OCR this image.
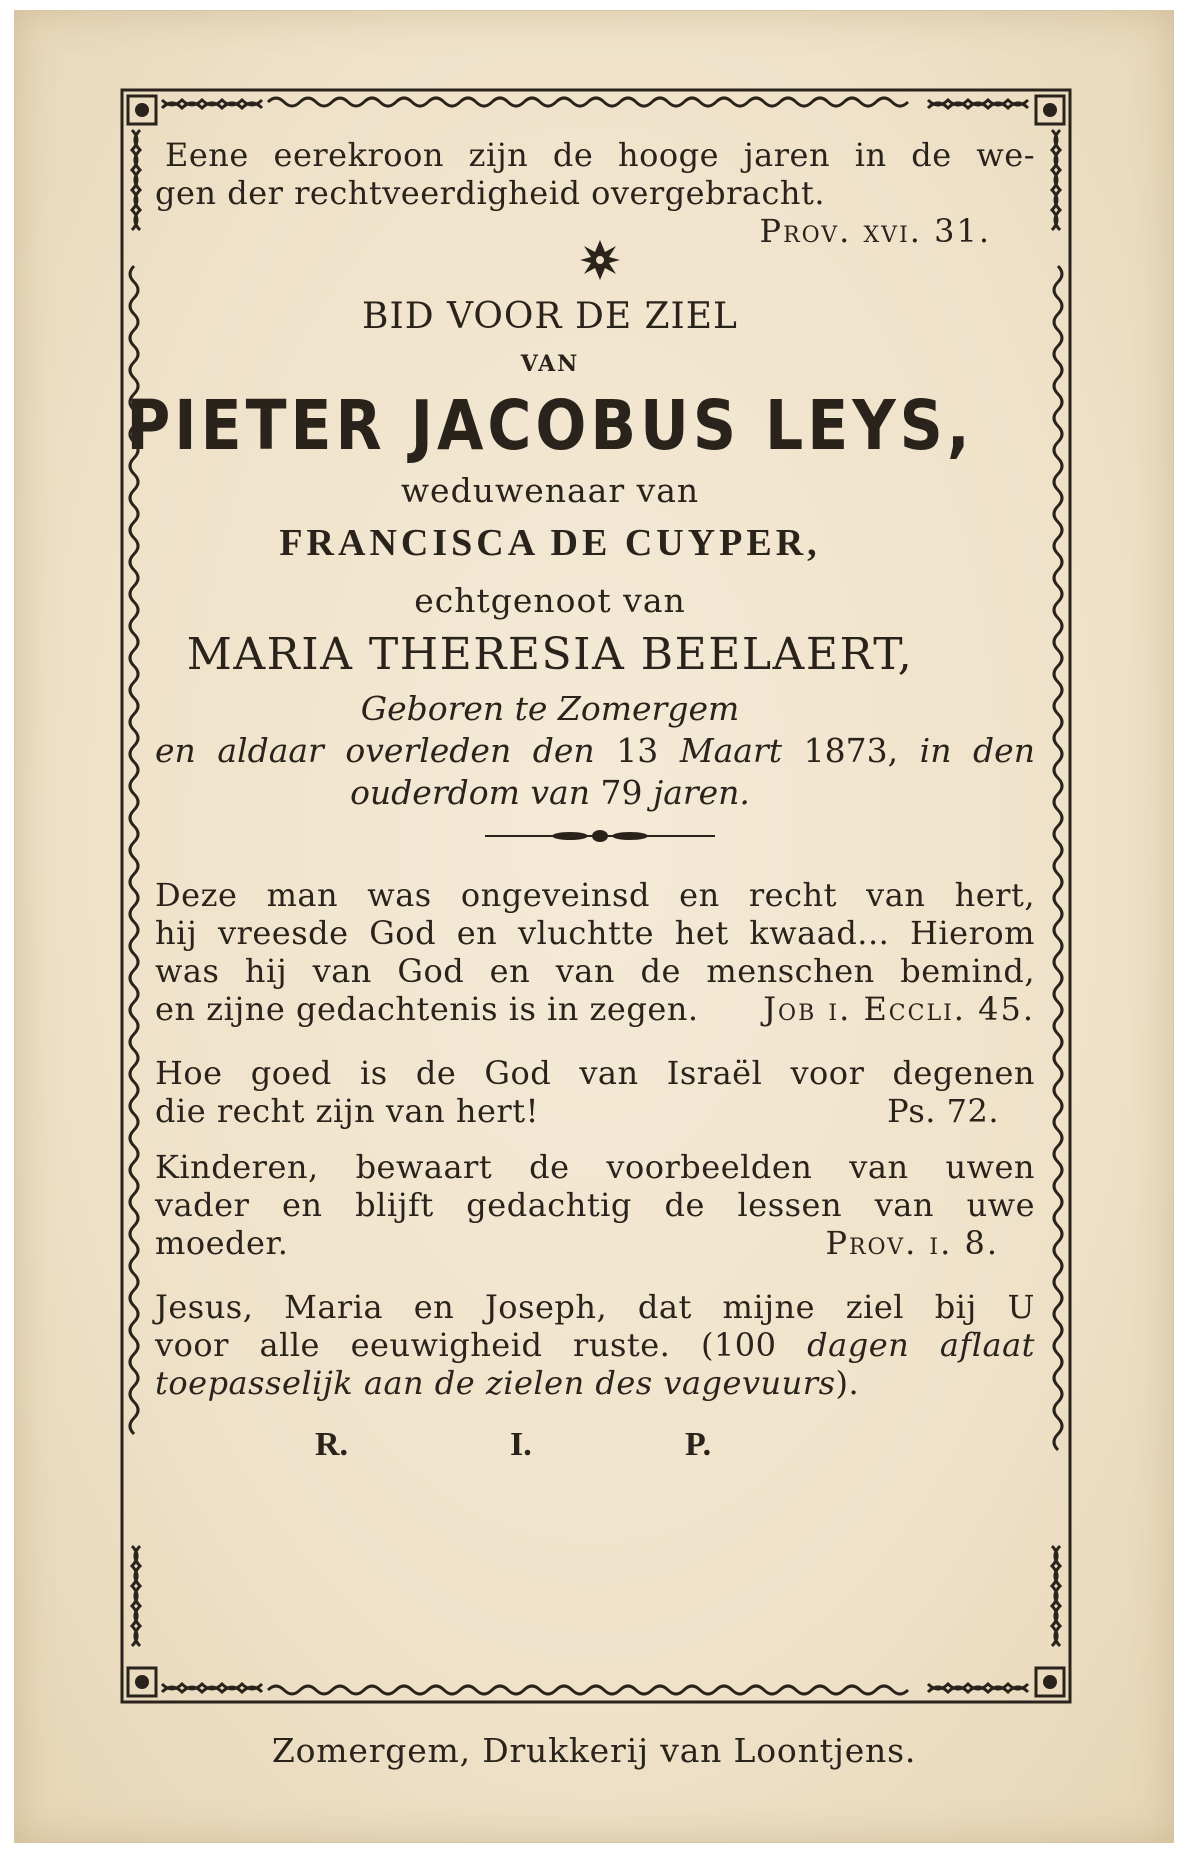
Eene eerekroon zijn de hooge jaren in de we-
gen der rechtveerdigheid overgebracht.
Prov. xvi. 31.
BID VOOR DE ZIEL
VAN
PIETER JACOBUS LEYS,
weduwenaar van
FRANCISCA DE CUYPER,
echtgenoot van
MARIA THERESIA BEELAERT,
Geboren te Zomergem
en aldaar overleden den 13 Maart 1873, in den
ouderdom van 79 jaren.
Deze man was ongeveinsd en recht van hert,
hij vreesde God en vluchtte het kwaad... Hierom
was hij van God en van de menschen bemind,
en zijne gedachtenis is in zegen. Job i. Eccli. 45.
Hoe goed is de God van Israël voor degenen
die recht zijn van hert!	Ps. 72.
Kinderen, bewaart de voorbeelden van uwen
vader en blijft gedachtig de lessen van uwe
moeder.	Prov. i. 8.
Jesus, Maria en Joseph, dat mijne ziel bij U
voor alle eeuwigheid ruste. (100 dagen aflaat
toepasselijk aan de zielen des vagevuurs).
R.	I.	P.
Zomergem, Drukkerij van Loontjens.
